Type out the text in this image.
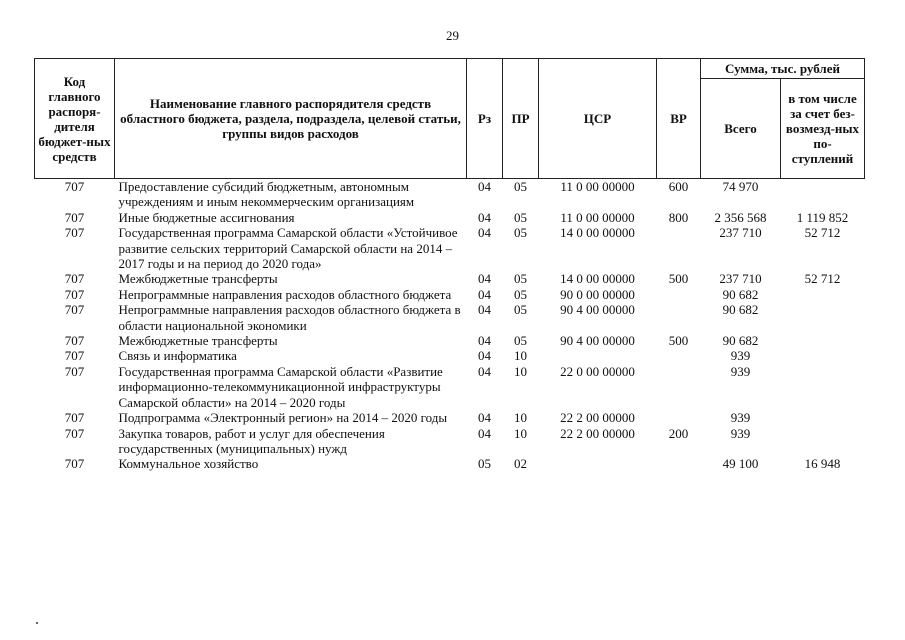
29
Код главного распоря-дителя бюджет-ных средств	Наименование главного распорядителя средств областного бюджета, раздела, подраздела, целевой статьи, группы видов расходов	Рз	ПР	ЦСР	ВР	Сумма, тыс. рублей	
						Всего	в том числе за счет без-возмезд-ных по-ступлений
707	Предоставление субсидий бюджетным, автономным учреждениям и иным некоммерческим организациям	04	05	11 0 00 00000	600	74 970	
707	Иные бюджетные ассигнования	04	05	11 0 00 00000	800	2 356 568	1 119 852
707	Государственная программа Самарской области «Устойчивое развитие сельских территорий Самарской области на 2014 – 2017 годы и на период до 2020 года»	04	05	14 0 00 00000		237 710	52 712
707	Межбюджетные трансферты	04	05	14 0 00 00000	500	237 710	52 712
707	Непрограммные направления расходов областного бюджета	04	05	90 0 00 00000		90 682	
707	Непрограммные направления расходов областного бюджета в области национальной экономики	04	05	90 4 00 00000		90 682	
707	Межбюджетные трансферты	04	05	90 4 00 00000	500	90 682	
707	Связь и информатика	04	10			939	
707	Государственная программа Самарской области «Развитие информационно-телекоммуникационной инфраструктуры Самарской области» на 2014 – 2020 годы	04	10	22 0 00 00000		939	
707	Подпрограмма «Электронный регион» на 2014 – 2020 годы	04	10	22 2 00 00000		939	
707	Закупка товаров, работ и услуг для обеспечения государственных (муниципальных) нужд	04	10	22 2 00 00000	200	939	
707	Коммунальное хозяйство	05	02			49 100	16 948
